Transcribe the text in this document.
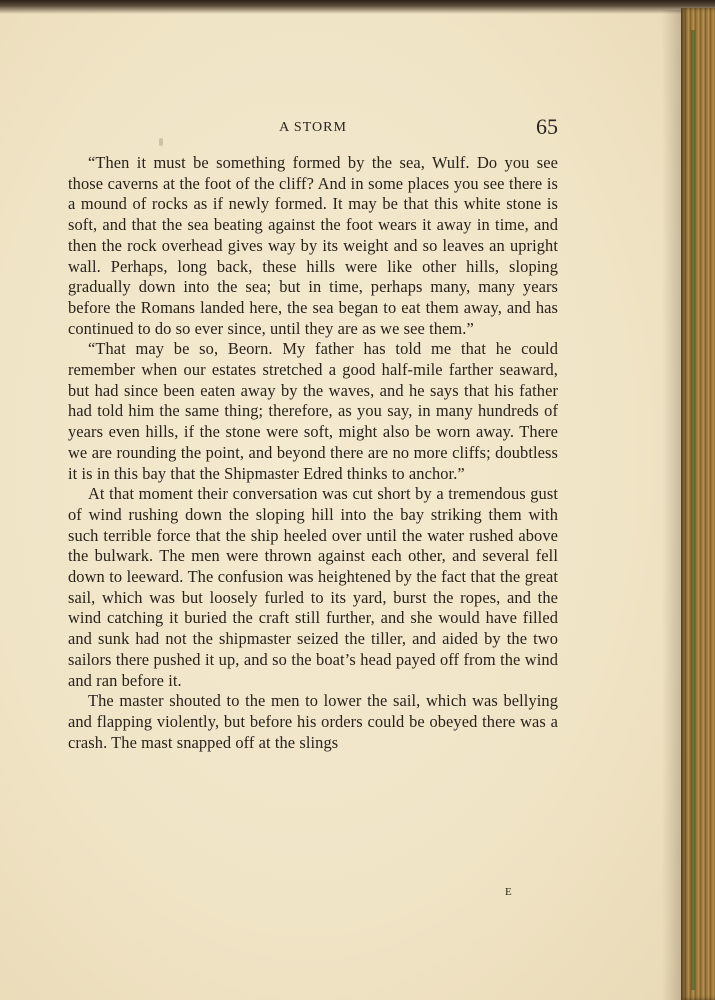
A STORM	65

“Then it must be something formed by the sea, Wulf. Do you see those caverns at the foot of the cliff? And in some places you see there is a mound of rocks as if newly formed. It may be that this white stone is soft, and that the sea beating against the foot wears it away in time, and then the rock overhead gives way by its weight and so leaves an upright wall. Perhaps, long back, these hills were like other hills, sloping gradually down into the sea; but in time, perhaps many, many years before the Romans landed here, the sea began to eat them away, and has continued to do so ever since, until they are as we see them.”

“That may be so, Beorn. My father has told me that he could remember when our estates stretched a good half-mile farther seaward, but had since been eaten away by the waves, and he says that his father had told him the same thing; therefore, as you say, in many hundreds of years even hills, if the stone were soft, might also be worn away. There we are rounding the point, and beyond there are no more cliffs; doubtless it is in this bay that the Shipmaster Edred thinks to anchor.”

At that moment their conversation was cut short by a tremendous gust of wind rushing down the sloping hill into the bay striking them with such terrible force that the ship heeled over until the water rushed above the bulwark. The men were thrown against each other, and several fell down to leeward. The confusion was heightened by the fact that the great sail, which was but loosely furled to its yard, burst the ropes, and the wind catching it buried the craft still further, and she would have filled and sunk had not the shipmaster seized the tiller, and aided by the two sailors there pushed it up, and so the boat’s head payed off from the wind and ran before it.

The master shouted to the men to lower the sail, which was bellying and flapping violently, but before his orders could be obeyed there was a crash. The mast snapped off at the slings

E
